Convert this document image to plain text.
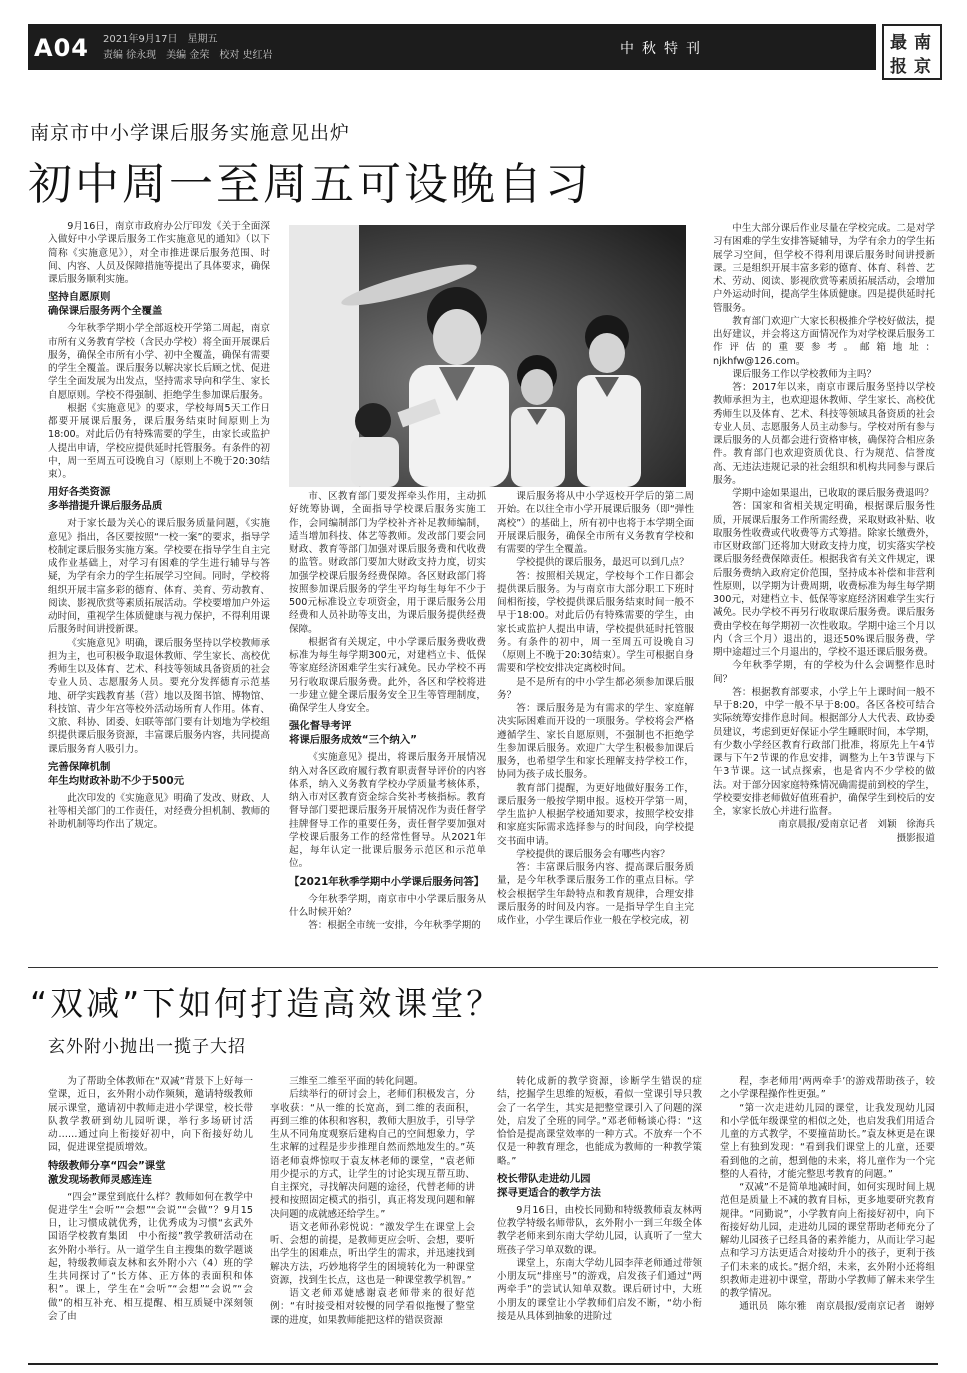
A04 2021年9月17日　星期五
责编 徐永现　美编 金荣　校对 史红岩	中秋特刊	最 南
报 京
南京市中小学课后服务实施意见出炉
初中周一至周五可设晚自习

9月16日，南京市政府办公厅印发《关于全面深入做好中小学课后服务工作实施意见的通知》（以下简称《实施意见》），对全市推进课后服务范围、时间、内容、人员及保障措施等提出了具体要求，确保课后服务顺利实施。

坚持自愿原则
确保课后服务两个全覆盖

今年秋季学期小学全部返校开学第二周起，南京市所有义务教育学校（含民办学校）将全面开展课后服务，确保全市所有小学、初中全覆盖，确保有需要的学生全覆盖。课后服务以解决家长后顾之忧、促进学生全面发展为出发点，坚持需求导向和学生、家长自愿原则。学校不得强制、拒绝学生参加课后服务。

根据《实施意见》的要求，学校每周5天工作日都要开展课后服务，课后服务结束时间原则上为18:00。对此后仍有特殊需要的学生，由家长或监护人提出申请，学校应提供延时托管服务。有条件的初中，周一至周五可设晚自习（原则上不晚于20:30结束）。

用好各类资源
多举措提升课后服务品质

对于家长最为关心的课后服务质量问题，《实施意见》指出，各区要按照“一校一案”的要求，指导学校制定课后服务实施方案。学校要在指导学生自主完成作业基础上，对学习有困难的学生进行辅导与答疑，为学有余力的学生拓展学习空间。同时，学校将组织开展丰富多彩的德育、体育、美育、劳动教育、阅读、影视欣赏等素质拓展活动。学校要增加户外运动时间，重视学生体质健康与视力保护，不得利用课后服务时间讲授新课。

《实施意见》明确，课后服务坚持以学校教师承担为主，也可积极争取退休教师、学生家长、高校优秀师生以及体育、艺术、科技等领域具备资质的社会专业人员、志愿服务人员。要充分发挥德育示范基地、研学实践教育基（营）地以及图书馆、博物馆、科技馆、青少年宫等校外活动场所育人作用。体育、文旅、科协、团委、妇联等部门要有计划地为学校组织提供课后服务资源，丰富课后服务内容，共同提高课后服务育人吸引力。

完善保障机制
年生均财政补助不少于500元

此次印发的《实施意见》明确了发改、财政、人社等相关部门的工作责任，对经费分担机制、教师的补助机制等均作出了规定。

市、区教育部门要发挥牵头作用，主动抓好统筹协调，全面指导学校课后服务实施工作，会同编制部门为学校补齐补足教师编制，适当增加科技、体艺等教师。发改部门要会同财政、教育等部门加强对课后服务费和代收费的监管。财政部门要加大财政支持力度，切实加强学校课后服务经费保障。各区财政部门将按照参加课后服务的学生平均每生每年不少于500元标准设立专项资金，用于课后服务公用经费和人员补助等支出，为课后服务提供经费保障。

根据省有关规定，中小学课后服务费收费标准为每生每学期300元，对建档立卡、低保等家庭经济困难学生实行减免。民办学校不再另行收取课后服务费。此外，各区和学校将进一步建立健全课后服务安全卫生等管理制度，确保学生人身安全。

强化督导考评
将课后服务成效“三个纳入”

《实施意见》提出，将课后服务开展情况纳入对各区政府履行教育职责督导评价的内容体系，纳入义务教育学校办学质量考核体系，纳入市对区教育资金综合奖补考核指标。教育督导部门要把课后服务开展情况作为责任督学挂牌督导工作的重要任务，责任督学要加强对学校课后服务工作的经常性督导。从2021年起，每年认定一批课后服务示范区和示范单位。

【2021年秋季学期中小学课后服务问答】

今年秋季学期，南京市中小学课后服务从什么时候开始？

答：根据全市统一安排，今年秋季学期的

课后服务将从中小学返校开学后的第二周开始。在以往全市小学开展课后服务（即“弹性离校”）的基础上，所有初中也将于本学期全面开展课后服务，确保全市所有义务教育学校和有需要的学生全覆盖。

学校提供的课后服务，最迟可以到几点？

答：按照相关规定，学校每个工作日都会提供课后服务。为与南京市大部分职工下班时间相衔接，学校提供课后服务结束时间一般不早于18:00。对此后仍有特殊需要的学生，由家长或监护人提出申请，学校提供延时托管服务。有条件的初中，周一至周五可设晚自习（原则上不晚于20:30结束）。学生可根据自身需要和学校安排决定离校时间。

是不是所有的中小学生都必须参加课后服务？

答：课后服务是为有需求的学生、家庭解决实际困难而开设的一项服务。学校将会严格遵循学生、家长自愿原则，不强制也不拒绝学生参加课后服务。欢迎广大学生积极参加课后服务，也希望学生和家长理解支持学校工作，协同为孩子成长服务。

教育部门提醒，为更好地做好服务工作，课后服务一般按学期申报。返校开学第一周，学生监护人根据学校通知要求，按照学校安排和家庭实际需求选择参与的时间段，向学校提交书面申请。

学校提供的课后服务会有哪些内容？

答：丰富课后服务内容、提高课后服务质量，是今年秋季课后服务工作的重点目标。学校会根据学生年龄特点和教育规律，合理安排课后服务的时间及内容。一是指导学生自主完成作业，小学生课后作业一般在学校完成，初

中生大部分课后作业尽量在学校完成。二是对学习有困难的学生安排答疑辅导，为学有余力的学生拓展学习空间，但学校不得利用课后服务时间讲授新课。三是组织开展丰富多彩的德育、体育、科普、艺术、劳动、阅读、影视欣赏等素质拓展活动，会增加户外运动时间，提高学生体质健康。四是提供延时托管服务。

教育部门欢迎广大家长积极推介学校好做法，提出好建议，并会将这方面情况作为对学校课后服务工作评估的重要参考。邮箱地址：njkhfw@126.com。

课后服务工作以学校教师为主吗？

答：2017年以来，南京市课后服务坚持以学校教师承担为主，也欢迎退休教师、学生家长、高校优秀师生以及体育、艺术、科技等领域具备资质的社会专业人员、志愿服务人员主动参与。学校对所有参与课后服务的人员都会进行资格审核，确保符合相应条件。教育部门也欢迎资质优良、行为规范、信誉度高、无违法违规记录的社会组织和机构共同参与课后服务。

学期中途如果退出，已收取的课后服务费退吗？

答：国家和省相关规定明确，根据课后服务性质，开展课后服务工作所需经费，采取财政补贴、收取服务性收费或代收费等方式筹措。除家长缴费外，市区财政部门还将加大财政支持力度，切实落实学校课后服务经费保障责任。根据我省有关文件规定，课后服务费纳入政府定价范围，坚持成本补偿和非营利性原则，以学期为计费周期，收费标准为每生每学期300元，对建档立卡、低保等家庭经济困难学生实行减免。民办学校不再另行收取课后服务费。课后服务费由学校在每学期初一次性收取。学期中途三个月以内（含三个月）退出的，退还50%课后服务费，学期中途超过三个月退出的，学校不退还课后服务费。

今年秋季学期，有的学校为什么会调整作息时间？

答：根据教育部要求，小学上午上课时间一般不早于8:20，中学一般不早于8:00。各区各校可结合实际统筹安排作息时间。根据部分人大代表、政协委员建议，考虑到更好保证小学生睡眠时间，本学期，有少数小学经区教育行政部门批准，将原先上午4节课与下午2节课的作息安排，调整为上午3节课与下午3节课。这一试点探索，也是省内不少学校的做法。对于部分因家庭特殊情况确需提前到校的学生，学校要安排老师做好值班看护，确保学生到校后的安全，家家长放心并进行监督。

南京晨报/爱南京记者　刘颖　徐海兵

摄影报道

“双减”下如何打造高效课堂？
玄外附小抛出一揽子大招

为了帮助全体教师在“双减”背景下上好每一堂课，近日，玄外附小动作频频，邀请特级教师展示课堂，邀请初中教师走进小学课堂，校长带队教学教研到幼儿园听课，举行多场研讨活动……通过向上衔接好初中，向下衔接好幼儿园，促进课堂提质增效。

特级教师分享“四会”课堂
激发现场教师灵感连连

“四会”课堂到底什么样？教师如何在教学中促进学生“会听”“会想”“会说”“会做”？9月15日，让习惯成就优秀，让优秀成为习惯“玄武外国语学校教育集团　中小衔接”教学教研活动在玄外附小举行。从一道学生自主搜集的数学题谈起，特级教师袁友林和玄外附小六（4）班的学生共同探讨了“长方体、正方体的表面积和体积”。课上，学生在“会听”“会想”“会说”“会做”的相互补充、相互提醒、相互质疑中深刻领会了由

三维至二维至平面的转化问题。

后续举行的研讨会上，老师们积极发言，分享收获：“从一维的长宽高，到二维的表面积，再到三维的体积和容积，教师大胆放手，引导学生从不同角度观察后建构自己的空间想象力，学生求解的过程是步步推理自然而然地发生的。”英语老师袁烨惊叹于袁友林老师的课堂，“袁老师用少提示的方式，让学生的讨论实现互帮互助、自主探究，寻找解决问题的途径，代替老师的讲授和按照固定模式的指引，真正将发现问题和解决问题的成就感还给学生。”

语文老师孙彩悦说：“激发学生在课堂上会听、会想的前提，是教师更应会听、会想，要听出学生的困难点，听出学生的需求，并迅速找到解决方法，巧妙地将学生的困境转化为一种课堂资源，找到生长点，这也是一种课堂教学机智。”

语文老师邓婕感谢袁老师带来的很好范例：“有时接受相对较慢的同学看似拖慢了整堂课的进度，如果教师能把这样的错误资源

转化成新的教学资源，诊断学生错误的症结，挖掘学生思维的短板，看似一堂课引导只教会了一名学生，其实是把整堂课引入了问题的深处，启发了全班的同学。”邓老师畅谈心得：“这恰恰是提高课堂效率的一种方式。不放弃一个不仅是一种教育理念，也能成为教师的一种教学策略。”

校长带队走进幼儿园
探寻更适合的教学方法

9月16日，由校长同勤和特级教师袁友林两位教学特级名师带队，玄外附小一到三年级全体教学老师来到东南大学幼儿园，认真听了一堂大班孩子学习单双数的课。

课堂上，东南大学幼儿园李萍老师通过带领小朋友玩“排座号”的游戏，启发孩子们通过“两两牵手”的尝试认知单双数。课后研讨中，大班小朋友的课堂让小学教师们启发不断，“幼小衔接是从具体到抽象的进阶过

程，李老师用‘两两牵手’的游戏帮助孩子，较之小学课程操作性更强。”

“第一次走进幼儿园的课堂，让我发现幼儿园和小学低年级课堂的相似之处，也启发我们用适合儿童的方式教学，不要撞苗助长。”袁友林更是在课堂上有独到发现：“看到我们课堂上的儿童，还要看到他的之前，想到他的未来，将儿童作为一个完整的人看待，才能完整思考教育的问题。”

“双减”不是简单地减时间，如何实现时间上规范但是质量上不减的教育目标，更多地要研究教育规律。“同勤说”，小学教育向上衔接好初中，向下衔接好幼儿园，走进幼儿园的课堂帮助老师充分了解幼儿园孩子已经具备的素养能力，从而让学习起点和学习方法更适合对接幼升小的孩子，更利于孩子们未来的成长。”据介绍，未来，玄外附小还将组织教师走进初中课堂，帮助小学教师了解未来学生的教学情况。

通讯员　陈尔雅　南京晨报/爱南京记者　谢婷
